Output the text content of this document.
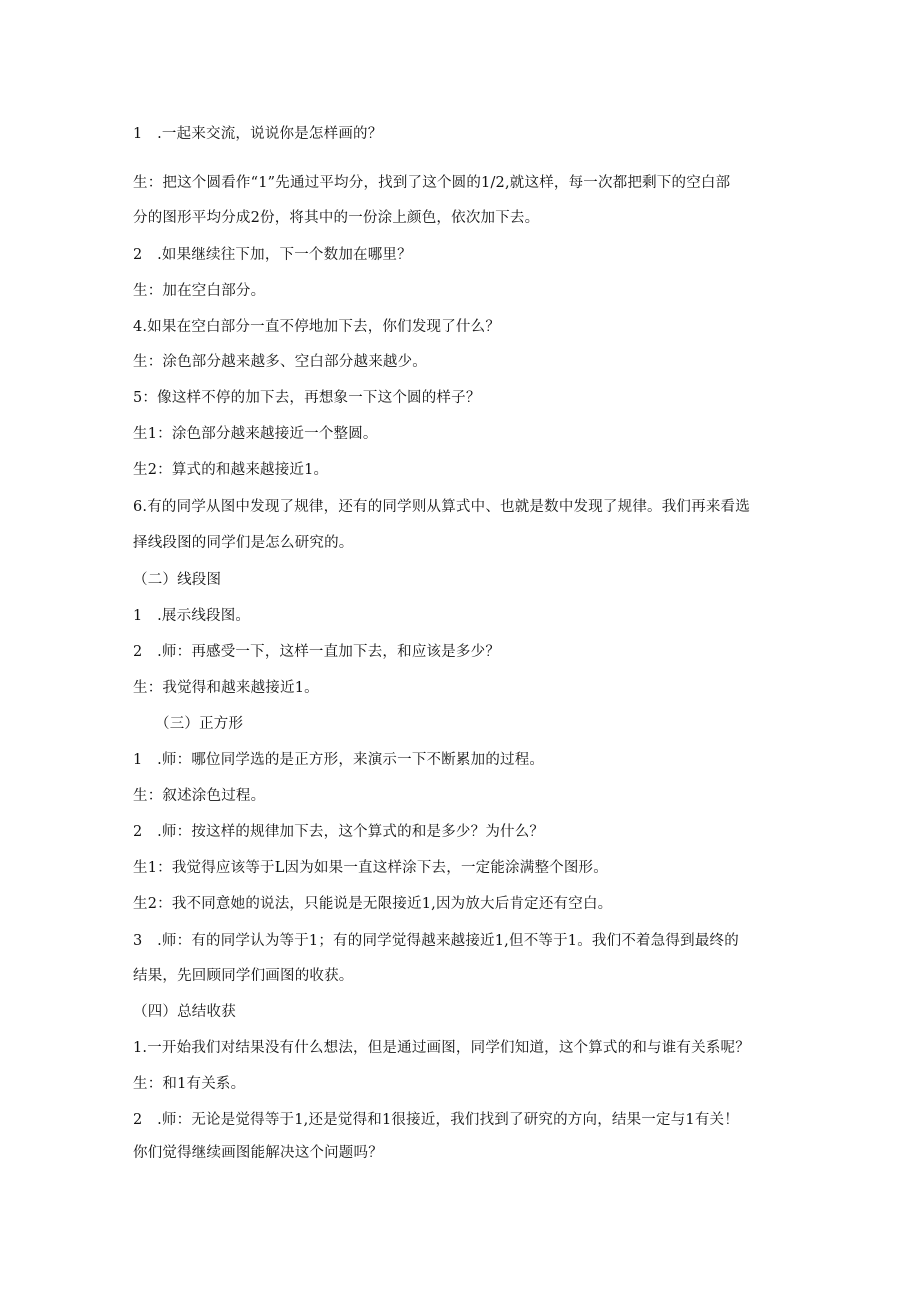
1　.一起来交流，说说你是怎样画的？
生：把这个圆看作“1”先通过平均分，找到了这个圆的1/2,就这样，每一次都把剩下的空白部
分的图形平均分成2份，将其中的一份涂上颜色，依次加下去。
2　.如果继续往下加，下一个数加在哪里？
生：加在空白部分。
4.如果在空白部分一直不停地加下去，你们发现了什么？
生：涂色部分越来越多、空白部分越来越少。
5：像这样不停的加下去，再想象一下这个圆的样子？
生1：涂色部分越来越接近一个整圆。
生2：算式的和越来越接近1。
6.有的同学从图中发现了规律，还有的同学则从算式中、也就是数中发现了规律。我们再来看选
择线段图的同学们是怎么研究的。
（二）线段图
1　.展示线段图。
2　.师：再感受一下，这样一直加下去，和应该是多少？
生：我觉得和越来越接近1。
（三）正方形
1　.师：哪位同学选的是正方形，来演示一下不断累加的过程。
生：叙述涂色过程。
2　.师：按这样的规律加下去，这个算式的和是多少？为什么？
生1：我觉得应该等于L因为如果一直这样涂下去，一定能涂满整个图形。
生2：我不同意她的说法，只能说是无限接近1,因为放大后肯定还有空白。
3　.师：有的同学认为等于1；有的同学觉得越来越接近1,但不等于1。我们不着急得到最终的
结果，先回顾同学们画图的收获。
（四）总结收获
1.一开始我们对结果没有什么想法，但是通过画图，同学们知道，这个算式的和与谁有关系呢？
生：和1有关系。
2　.师：无论是觉得等于1,还是觉得和1很接近，我们找到了研究的方向，结果一定与1有关！
你们觉得继续画图能解决这个问题吗？
